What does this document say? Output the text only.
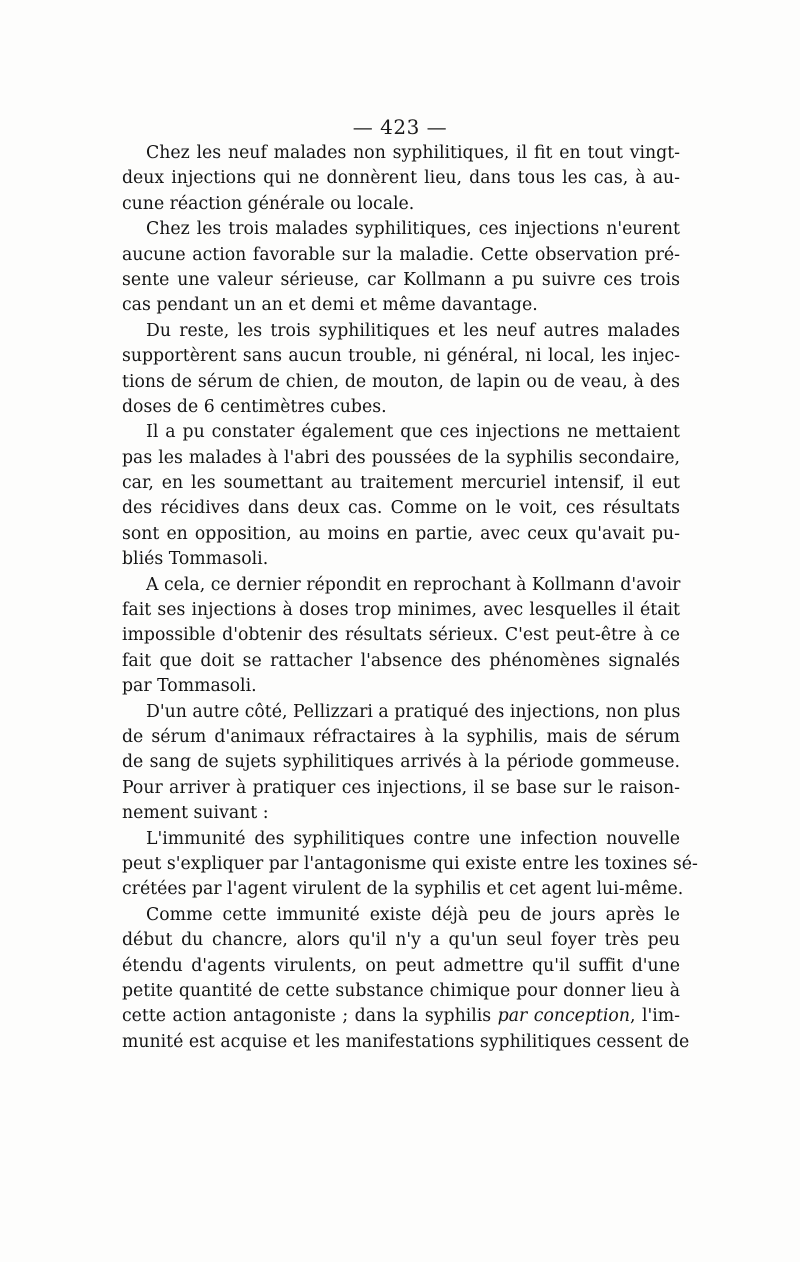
— 423 —
Chez les neuf malades non syphilitiques, il fit en tout vingt-
deux injections qui ne donnèrent lieu, dans tous les cas, à au-
cune réaction générale ou locale.
Chez les trois malades syphilitiques, ces injections n'eurent
aucune action favorable sur la maladie. Cette observation pré-
sente une valeur sérieuse, car Kollmann a pu suivre ces trois
cas pendant un an et demi et même davantage.
Du reste, les trois syphilitiques et les neuf autres malades
supportèrent sans aucun trouble, ni général, ni local, les injec-
tions de sérum de chien, de mouton, de lapin ou de veau, à des
doses de 6 centimètres cubes.
Il a pu constater également que ces injections ne mettaient
pas les malades à l'abri des poussées de la syphilis secondaire,
car, en les soumettant au traitement mercuriel intensif, il eut
des récidives dans deux cas. Comme on le voit, ces résultats
sont en opposition, au moins en partie, avec ceux qu'avait pu-
bliés Tommasoli.
A cela, ce dernier répondit en reprochant à Kollmann d'avoir
fait ses injections à doses trop minimes, avec lesquelles il était
impossible d'obtenir des résultats sérieux. C'est peut-être à ce
fait que doit se rattacher l'absence des phénomènes signalés
par Tommasoli.
D'un autre côté, Pellizzari a pratiqué des injections, non plus
de sérum d'animaux réfractaires à la syphilis, mais de sérum
de sang de sujets syphilitiques arrivés à la période gommeuse.
Pour arriver à pratiquer ces injections, il se base sur le raison-
nement suivant :
L'immunité des syphilitiques contre une infection nouvelle
peut s'expliquer par l'antagonisme qui existe entre les toxines sé-
crétées par l'agent virulent de la syphilis et cet agent lui-même.
Comme cette immunité existe déjà peu de jours après le
début du chancre, alors qu'il n'y a qu'un seul foyer très peu
étendu d'agents virulents, on peut admettre qu'il suffit d'une
petite quantité de cette substance chimique pour donner lieu à
cette action antagoniste ; dans la syphilis par conception, l'im-
munité est acquise et les manifestations syphilitiques cessent de
